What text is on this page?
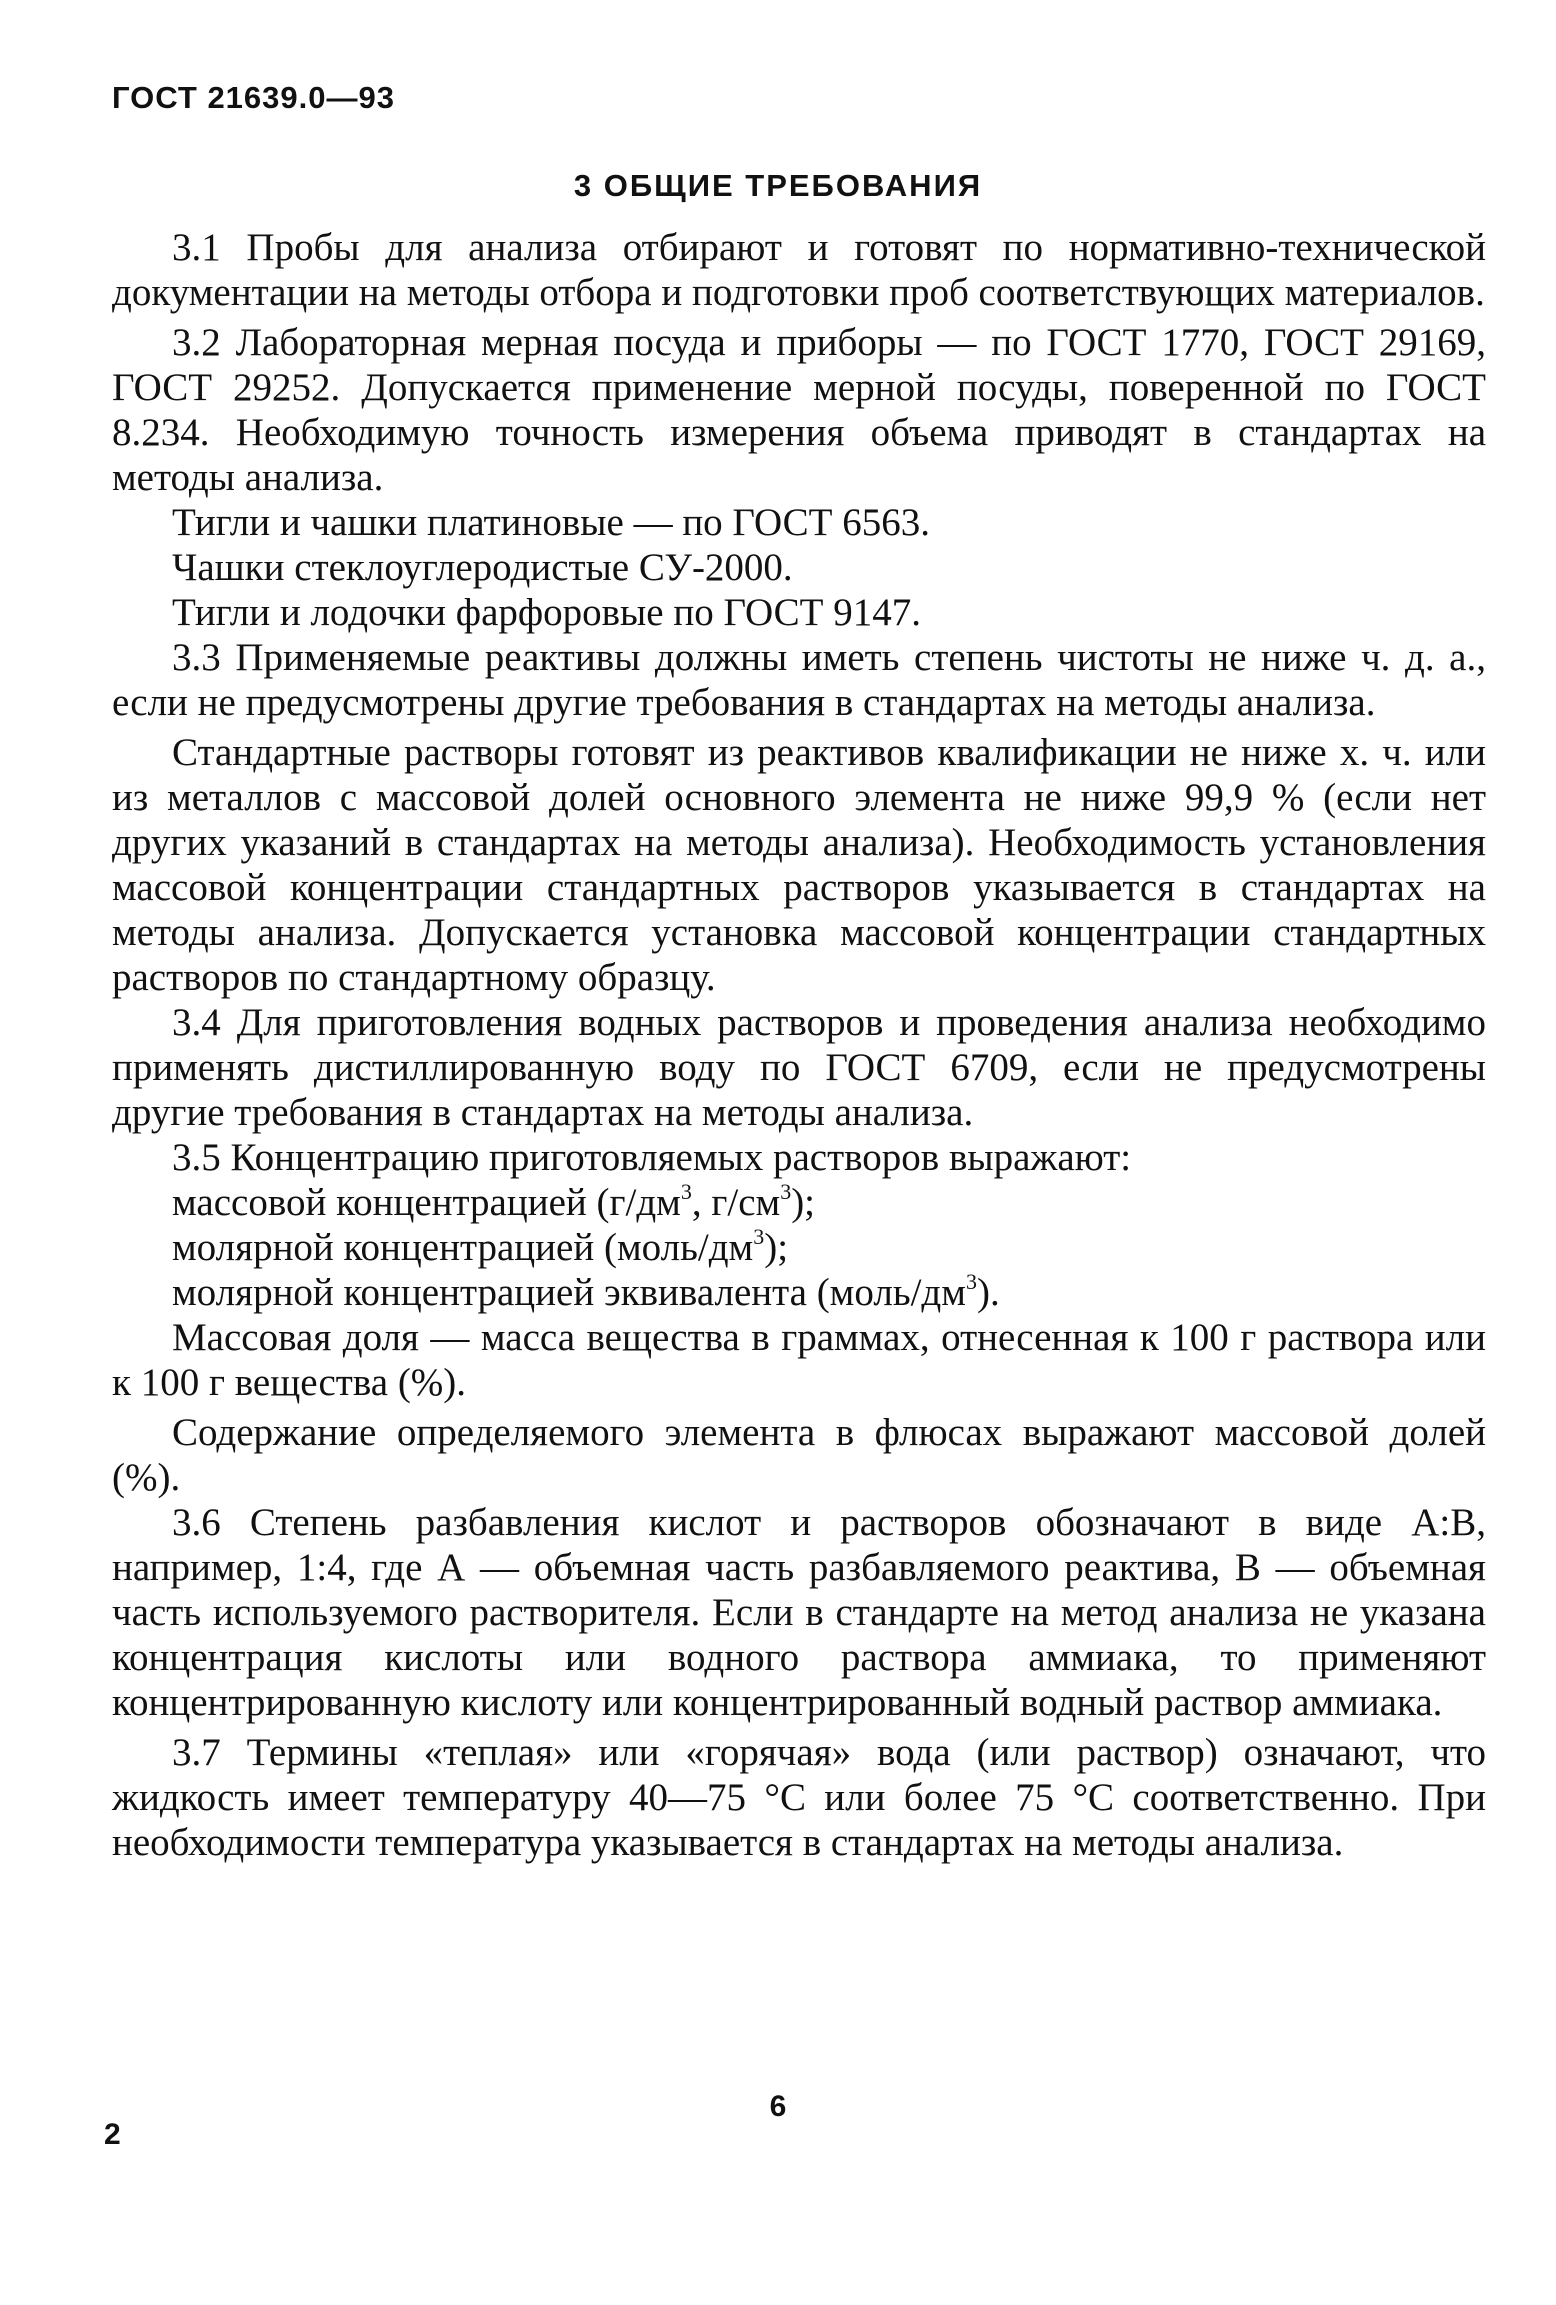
ГОСТ 21639.0—93
3 ОБЩИЕ ТРЕБОВАНИЯ

3.1 Пробы для анализа отбирают и готовят по нормативно-технической документации на методы отбора и подготовки проб соответствующих материалов.

3.2 Лабораторная мерная посуда и приборы — по ГОСТ 1770, ГОСТ 29169, ГОСТ 29252. Допускается применение мерной посуды, поверенной по ГОСТ 8.234. Необходимую точность измерения объема приводят в стандартах на методы анализа.

Тигли и чашки платиновые — по ГОСТ 6563.

Чашки стеклоуглеродистые СУ-2000.

Тигли и лодочки фарфоровые по ГОСТ 9147.

3.3 Применяемые реактивы должны иметь степень чистоты не ниже ч. д. а., если не предусмотрены другие требования в стандартах на методы анализа.

Стандартные растворы готовят из реактивов квалификации не ниже х. ч. или из металлов с массовой долей основного элемента не ниже 99,9 % (если нет других указаний в стандартах на методы анализа). Необходимость установления массовой концентрации стандартных растворов указывается в стандартах на методы анализа. Допускается установка массовой концентрации стандартных растворов по стандартному образцу.

3.4 Для приготовления водных растворов и проведения анализа необходимо применять дистиллированную воду по ГОСТ 6709, если не предусмотрены другие требования в стандартах на методы анализа.

3.5 Концентрацию приготовляемых растворов выражают:

массовой концентрацией ($г/дм^3$, $г/см^3$);

молярной концентрацией $(моль/дм^3)$;

молярной концентрацией эквивалента $(моль/дм^3)$.

Массовая доля — масса вещества в граммах, отнесенная к 100 г раствора или к 100 г вещества (%).

Содержание определяемого элемента в флюсах выражают массовой долей (%).

3.6 Степень разбавления кислот и растворов обозначают в виде А:В, например, 1:4, где А — объемная часть разбавляемого реактива, В — объемная часть используемого растворителя. Если в стандарте на метод анализа не указана концентрация кислоты или водного раствора аммиака, то применяют концентрированную кислоту или концентрированный водный раствор аммиака.

3.7 Термины «теплая» или «горячая» вода (или раствор) означают, что жидкость имеет температуру 40—75 °С или более 75 °С соответственно. При необходимости температура указывается в стандартах на методы анализа.

6
2
